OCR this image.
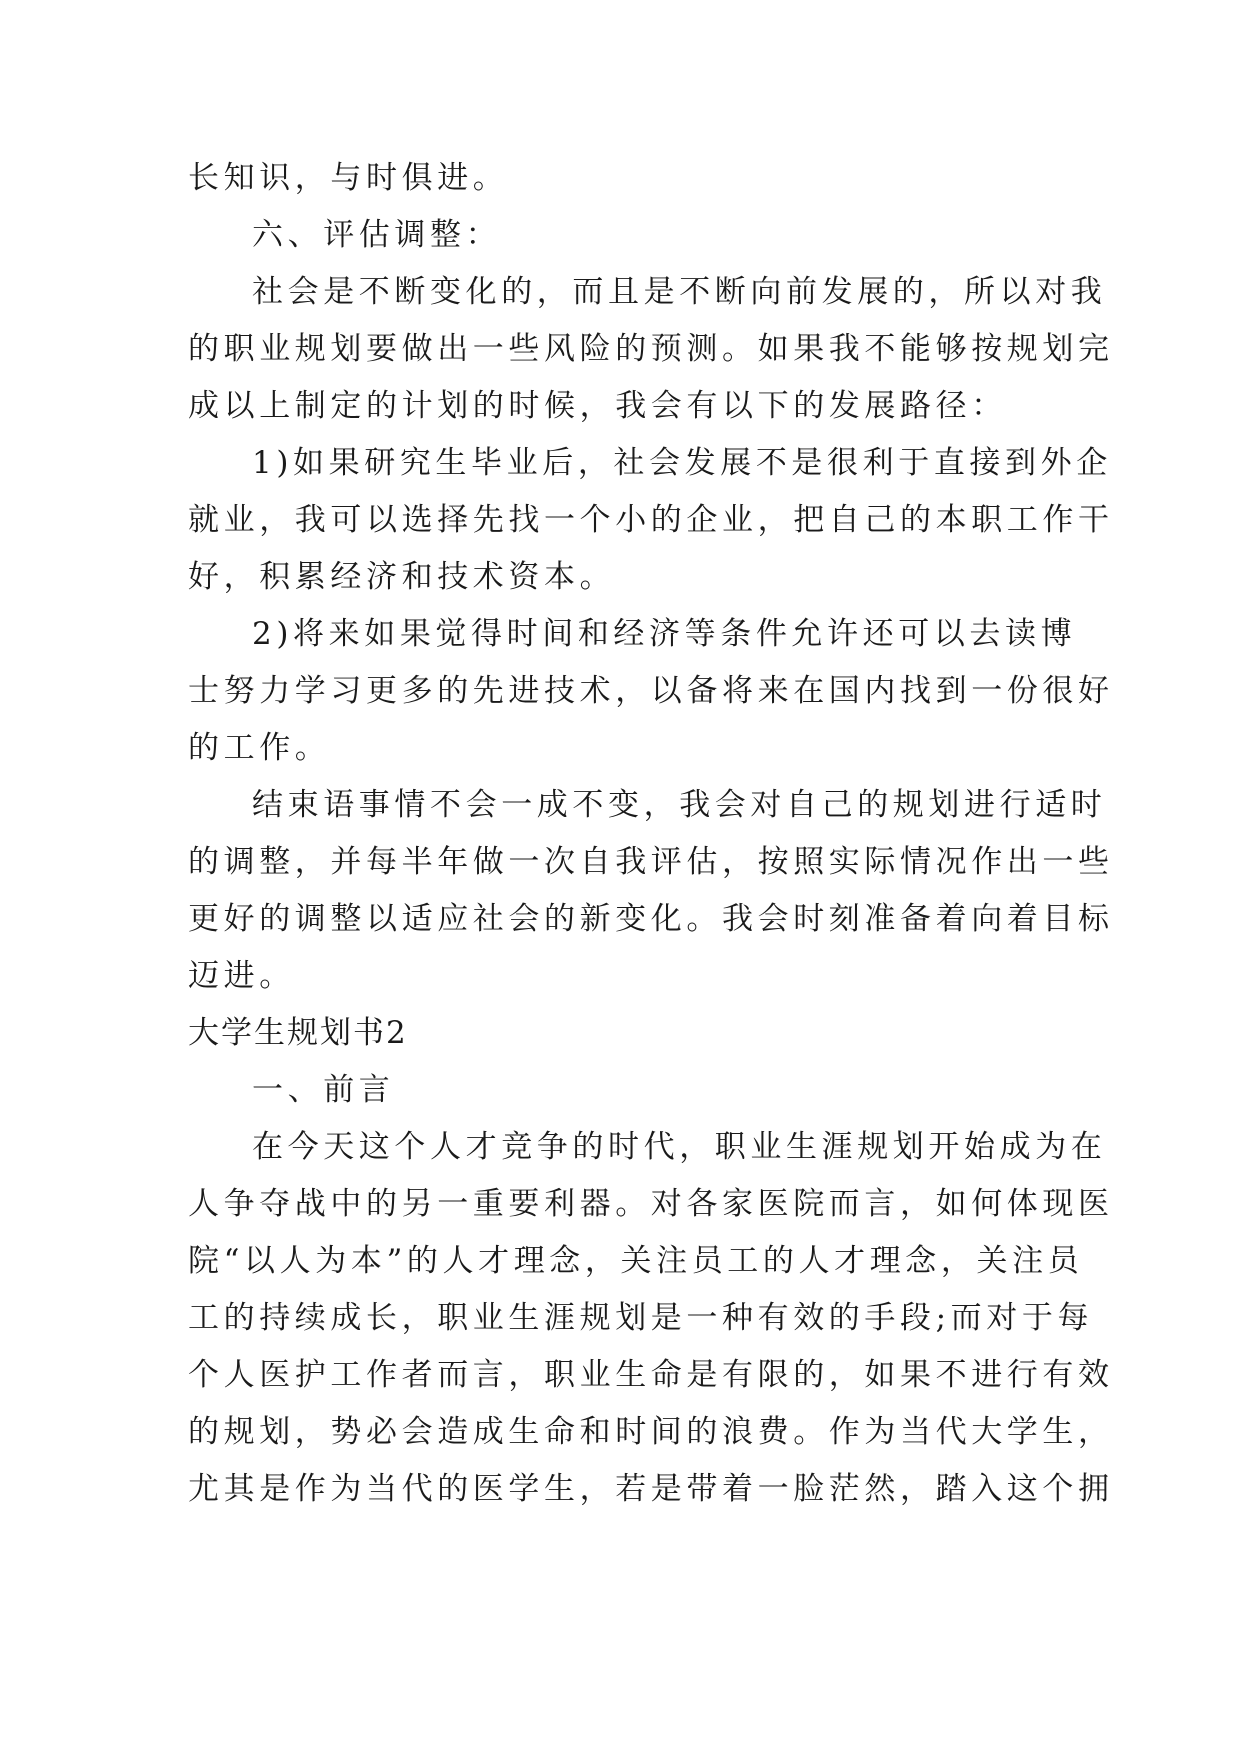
长知识，与时俱进。
六、评估调整：
社会是不断变化的，而且是不断向前发展的，所以对我
的职业规划要做出一些风险的预测。如果我不能够按规划完
成以上制定的计划的时候，我会有以下的发展路径：
1)如果研究生毕业后，社会发展不是很利于直接到外企
就业，我可以选择先找一个小的企业，把自己的本职工作干
好，积累经济和技术资本。
2)将来如果觉得时间和经济等条件允许还可以去读博
士努力学习更多的先进技术，以备将来在国内找到一份很好
的工作。
结束语事情不会一成不变，我会对自己的规划进行适时
的调整，并每半年做一次自我评估，按照实际情况作出一些
更好的调整以适应社会的新变化。我会时刻准备着向着目标
迈进。
大学生规划书2
一、前言
在今天这个人才竞争的时代，职业生涯规划开始成为在
人争夺战中的另一重要利器。对各家医院而言，如何体现医
院“以人为本”的人才理念，关注员工的人才理念，关注员
工的持续成长，职业生涯规划是一种有效的手段;而对于每
个人医护工作者而言，职业生命是有限的，如果不进行有效
的规划，势必会造成生命和时间的浪费。作为当代大学生，
尤其是作为当代的医学生，若是带着一脸茫然，踏入这个拥
